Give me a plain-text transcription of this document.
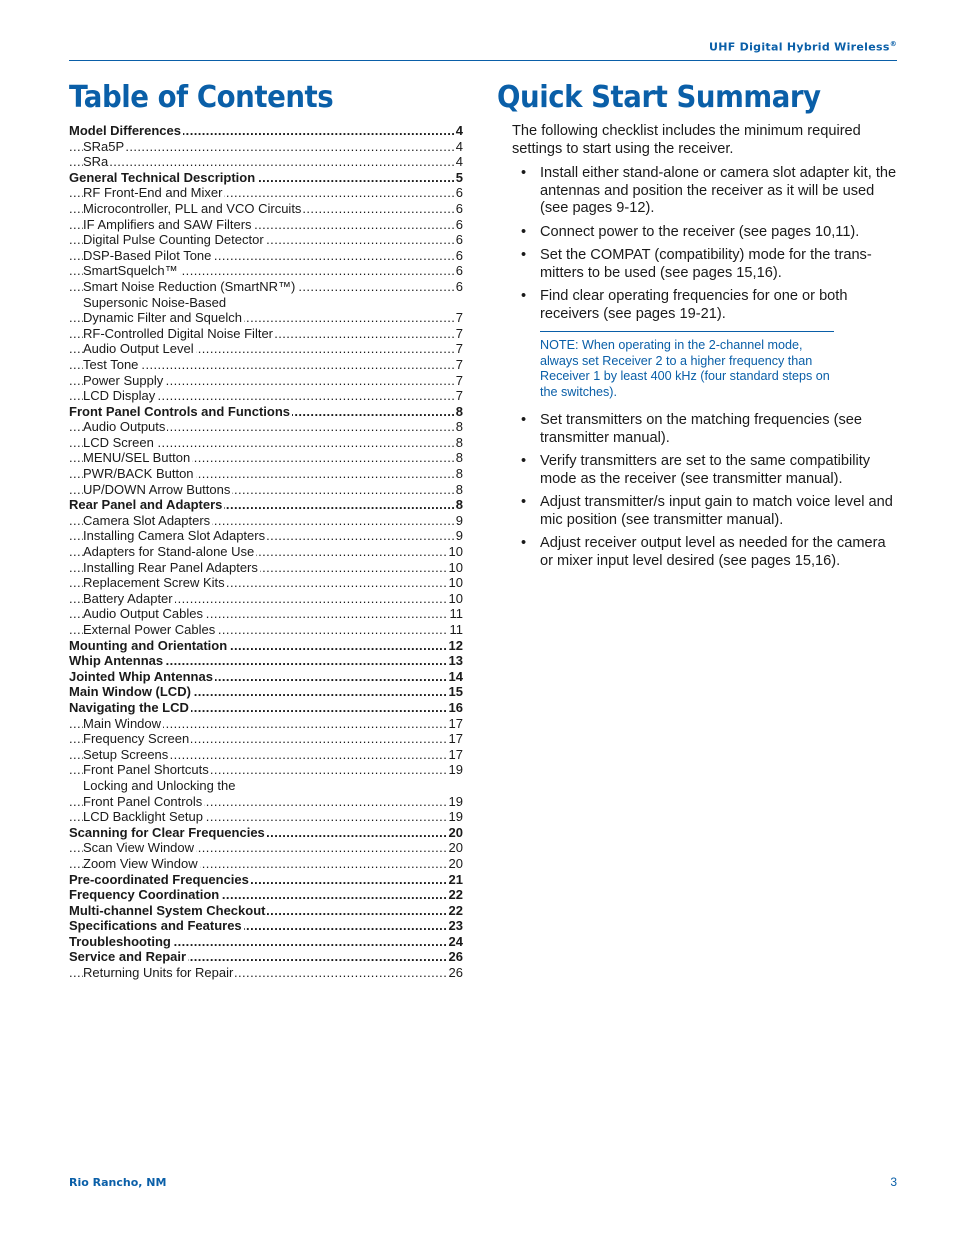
UHF Digital Hybrid Wireless®
Table of Contents
. . .
Model Differences	4
. . .
SRa5P	4
. . .
SRa	4
. . .
General Technical Description	5
. . .
RF Front-End and Mixer	6
. . .
Microcontroller, PLL and VCO Circuits	6
. . .
IF Amplifiers and SAW Filters	6
. . .
Digital Pulse Counting Detector	6
. . .
DSP-Based Pilot Tone	6
. . .
SmartSquelch™	6
. . .
Smart Noise Reduction (SmartNR™)	6
Supersonic Noise-Based
. . .
Dynamic Filter and Squelch	7
. . .
RF-Controlled Digital Noise Filter	7
. . .
Audio Output Level	7
. . .
Test Tone	7
. . .
Power Supply	7
. . .
LCD Display	7
. . .
Front Panel Controls and Functions	8
. . .
Audio Outputs	8
. . .
LCD Screen	8
. . .
MENU/SEL Button	8
. . .
PWR/BACK Button	8
. . .
UP/DOWN Arrow Buttons	8
. . .
Rear Panel and Adapters	8
. . .
Camera Slot Adapters	9
. . .
Installing Camera Slot Adapters	9
. . .
Adapters for Stand-alone Use	10
. . .
Installing Rear Panel Adapters	10
. . .
Replacement Screw Kits	10
. . .
Battery Adapter	10
. . .
Audio Output Cables	11
. . .
External Power Cables	11
. . .
Mounting and Orientation	12
. . .
Whip Antennas	13
. . .
Jointed Whip Antennas	14
. . .
Main Window (LCD)	15
. . .
Navigating the LCD	16
. . .
Main Window	17
. . .
Frequency Screen	17
. . .
Setup Screens	17
. . .
Front Panel Shortcuts	19
Locking and Unlocking the
. . .
Front Panel Controls	19
. . .
LCD Backlight Setup	19
. . .
Scanning for Clear Frequencies	20
. . .
Scan View Window	20
. . .
Zoom View Window	20
. . .
Pre-coordinated Frequencies	21
. . .
Frequency Coordination	22
. . .
Multi-channel System Checkout	22
. . .
Specifications and Features	23
. . .
Troubleshooting	24
. . .
Service and Repair	26
. . .
Returning Units for Repair	26
Quick Start Summary

The following checklist includes the minimum required settings to start using the receiver.

• Install either stand-alone or camera slot adapter kit, the antennas and position the receiver as it will be used (see pages 9-12).
• Connect power to the receiver (see pages 10,11).
• Set the COMPAT (compatibility) mode for the transmitters to be used (see pages 15,16).
• Find clear operating frequencies for one or both receivers (see pages 19-21).
NOTE: When operating in the 2-channel mode, always set Receiver 2 to a higher frequency than Receiver 1 by least 400 kHz (four standard steps on the switches).
• Set transmitters on the matching frequencies (see transmitter manual).
• Verify transmitters are set to the same compatibility mode as the receiver (see transmitter manual).
• Adjust transmitter/s input gain to match voice level and mic position (see transmitter manual).
• Adjust receiver output level as needed for the camera or mixer input level desired (see pages 15,16).
Rio Rancho, NM	3
